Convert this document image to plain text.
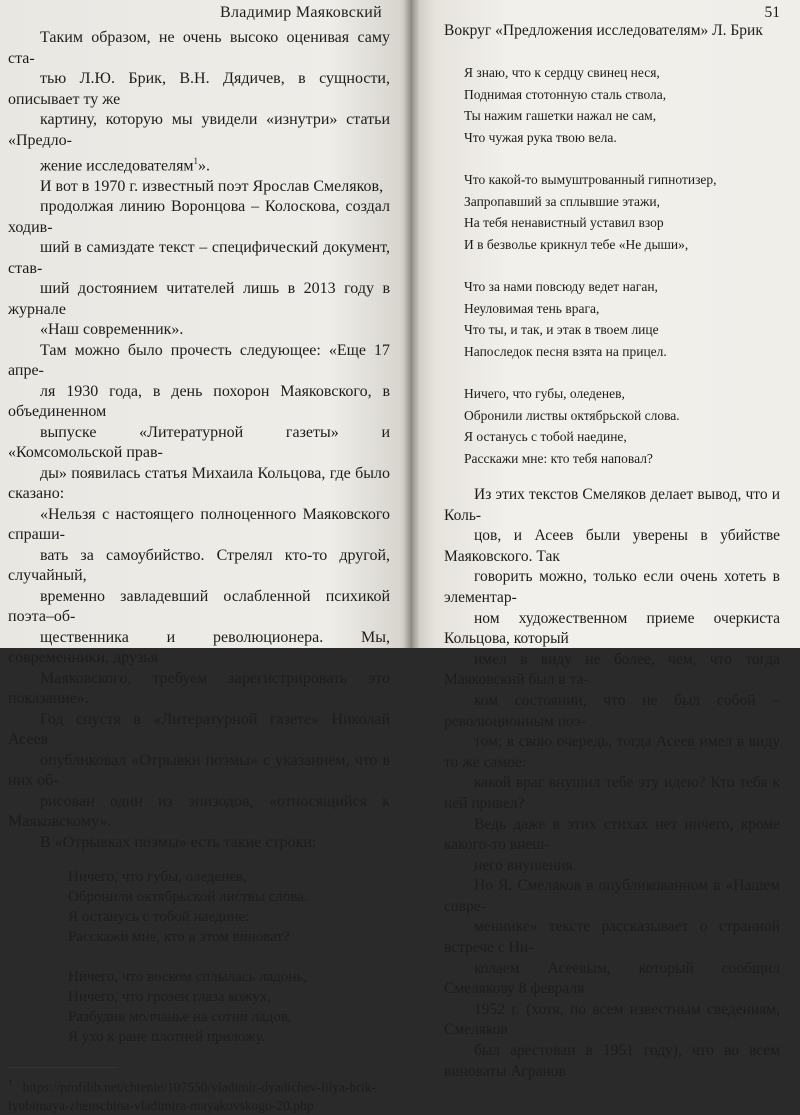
Владимир Маяковский

Таким образом, не очень высоко оценивая саму ста-
тью Л.Ю. Брик, В.Н. Дядичев, в сущности, описывает ту же
картину, которую мы увидели «изнутри» статьи «Предло-
жение исследователям$^1$».

И вот в 1970 г. известный поэт Ярослав Смеляков,
продолжая линию Воронцова – Колоскова, создал ходив-
ший в самиздате текст – специфический документ, став-
ший достоянием читателей лишь в 2013 году в журнале
«Наш современник».

Там можно было прочесть следующее: «Еще 17 апре-
ля 1930 года, в день похорон Маяковского, в объединенном
выпуске «Литературной газеты» и «Комсомольской прав-
ды» появилась статья Михаила Кольцова, где было сказано:
«Нельзя с настоящего полноценного Маяковского спраши-
вать за самоубийство. Стрелял кто-то другой, случайный,
временно завладевший ослабленной психикой поэта–об-
щественника и революционера. Мы, современники, друзья
Маяковского, требуем зарегистрировать это показание».

Год спустя в «Литературной газете» Николай Асеев
опубликовал «Отрывки поэмы» с указанием, что в них об-
рисован один из эпизодов, «относящийся к Маяковскому».
В «Отрывках поэмы» есть такие строки:

Ничего, что губы, оледенев,
Обронили октябрьской листвы слова.
Я останусь с тобой наедине:
Расскажи мне, кто в этом виноват?
Ничего, что воском сплылась ладонь,
Ничего, что грозен глаза кожух,
Разбудив молчанье на сотни ладов,
Я ухо к ране плотней приложу.
$^1$ https://profilib.net/chtenie/107550/vladimir-dyadichev-lilya-brik-
lyubimaya-zhenschina-vladimira-mayakovskogo-20.php
Вокруг «Предложения исследователям» Л. Брик
51
Я знаю, что к сердцу свинец неся,
Поднимая стотонную сталь ствола,
Ты нажим гашетки нажал не сам,
Что чужая рука твою вела.
Что какой-то вымуштрованный гипнотизер,
Запропавший за сплывшие этажи,
На тебя ненавистный уставил взор
И в безволье крикнул тебе «Не дыши»,
Что за нами повсюду ведет наган,
Неуловимая тень врага,
Что ты, и так, и этак в твоем лице
Напоследок песня взята на прицел.
Ничего, что губы, оледенев,
Обронили листвы октябрьской слова.
Я останусь с тобой наедине,
Расскажи мне: кто тебя наповал?

Из этих текстов Смеляков делает вывод, что и Коль-
цов, и Асеев были уверены в убийстве Маяковского. Так
говорить можно, только если очень хотеть в элементар-
ном художественном приеме очеркиста Кольцова, который
имел в виду не более, чем, что тогда Маяковский был в та-
ком состоянии, что не был собой – революционным поэ-
том; в свою очередь, тогда Асеев имел в виду то же самое:
какой враг внушил тебе эту идею? Кто тебя к ней привел?
Ведь даже в этих стихах нет ничего, кроме какого-то внеш-
него внушения.

Но Я. Смеляков в опубликованном в «Нашем совре-
меннике» тексте рассказывает о странной встрече с Ни-
колаем Асеевым, который сообщил Смелякову 8 февраля
1952 г. (хотя, по всем известным сведениям, Смеляков
был арестован в 1951 году), что во всем виноваты Агранов
